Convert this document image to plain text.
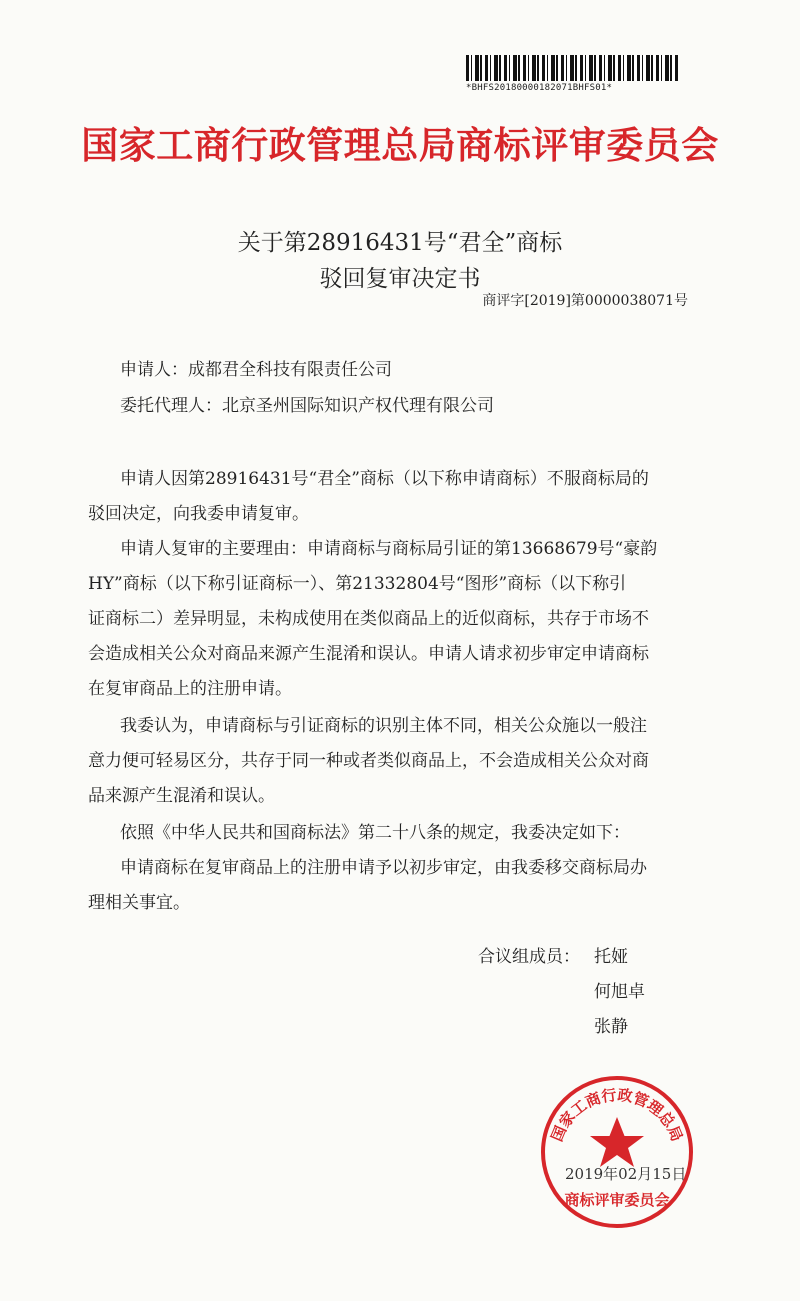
*BHFS20180000182071BHFS01*
国家工商行政管理总局商标评审委员会
关于第28916431号“君全”商标
驳回复审决定书
商评字[2019]第0000038071号
申请人：成都君全科技有限责任公司
委托代理人：北京圣州国际知识产权代理有限公司
申请人因第28916431号“君全”商标（以下称申请商标）不服商标局的
驳回决定，向我委申请复审。
申请人复审的主要理由：申请商标与商标局引证的第13668679号“豪韵
HY”商标（以下称引证商标一）、第21332804号“图形”商标（以下称引
证商标二）差异明显，未构成使用在类似商品上的近似商标，共存于市场不
会造成相关公众对商品来源产生混淆和误认。申请人请求初步审定申请商标
在复审商品上的注册申请。
我委认为，申请商标与引证商标的识别主体不同，相关公众施以一般注
意力便可轻易区分，共存于同一种或者类似商品上，不会造成相关公众对商
品来源产生混淆和误认。
依照《中华人民共和国商标法》第二十八条的规定，我委决定如下：
申请商标在复审商品上的注册申请予以初步审定，由我委移交商标局办
理相关事宜。
合议组成员： 托娅
何旭卓
张静
国家工商行政管理总局
商标评审委员会
2019年02月15日
